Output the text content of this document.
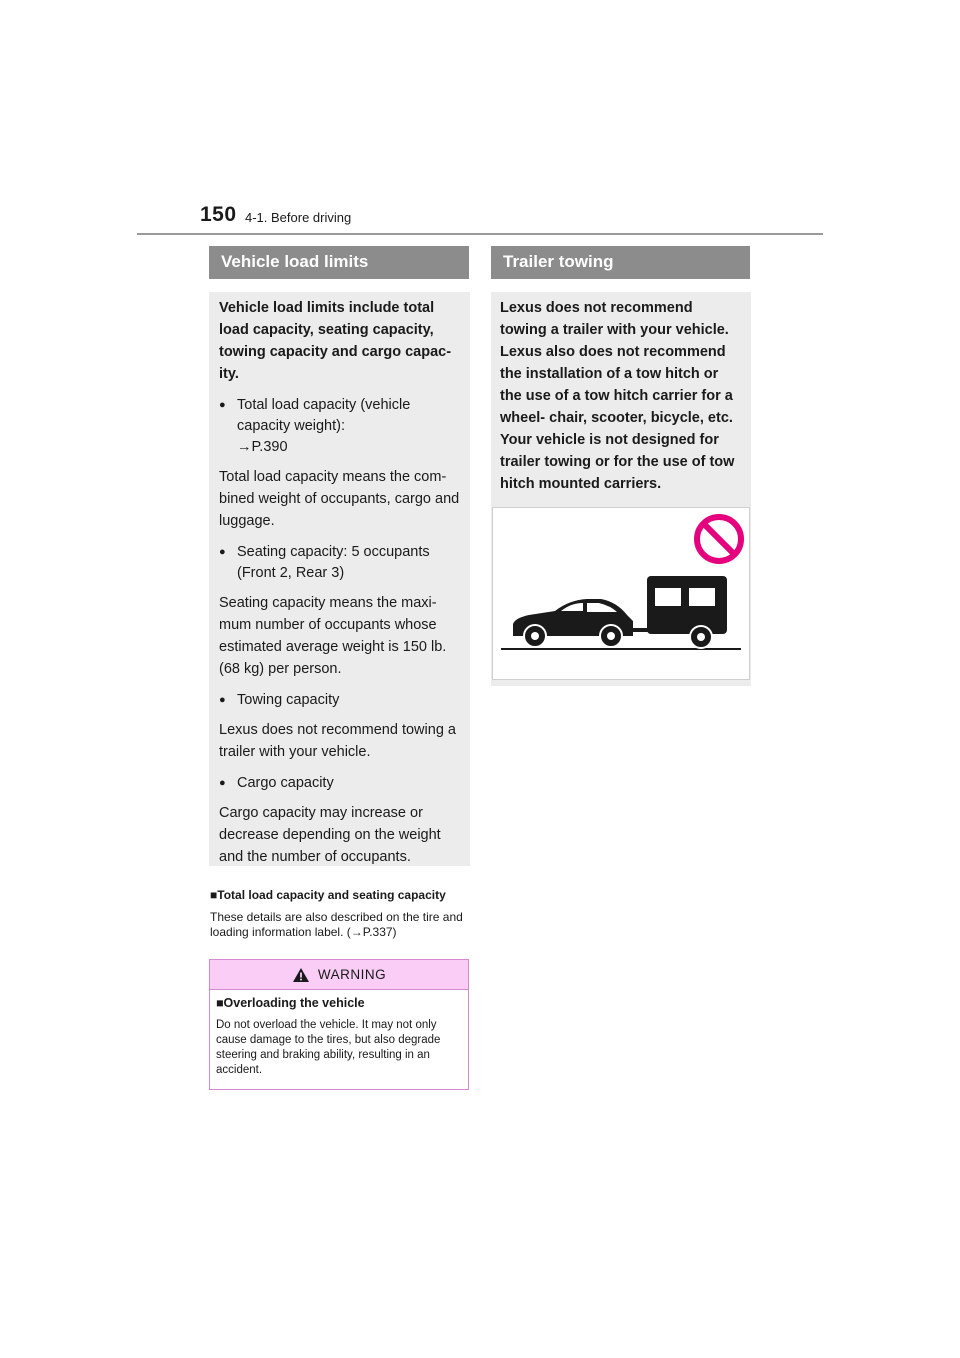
150 4-1. Before driving
Vehicle load limits

Vehicle load limits include total load capacity, seating capacity, towing capacity and cargo capac- ity.

● Total load capacity (vehicle capacity weight):
→P.390

Total load capacity means the com- bined weight of occupants, cargo and luggage.

● Seating capacity: 5 occupants (Front 2, Rear 3)

Seating capacity means the maxi- mum number of occupants whose estimated average weight is 150 lb. (68 kg) per person.

● Towing capacity

Lexus does not recommend towing a trailer with your vehicle.

● Cargo capacity

Cargo capacity may increase or decrease depending on the weight and the number of occupants.

■Total load capacity and seating capacity
These details are also described on the tire and loading information label. (→P.337)
WARNING
■Overloading the vehicle
Do not overload the vehicle. It may not only cause damage to the tires, but also degrade steering and braking ability, resulting in an accident.
Trailer towing

Lexus does not recommend towing a trailer with your vehicle. Lexus also does not recommend the installation of a tow hitch or the use of a tow hitch carrier for a wheel- chair, scooter, bicycle, etc. Your vehicle is not designed for trailer towing or for the use of tow hitch mounted carriers.
